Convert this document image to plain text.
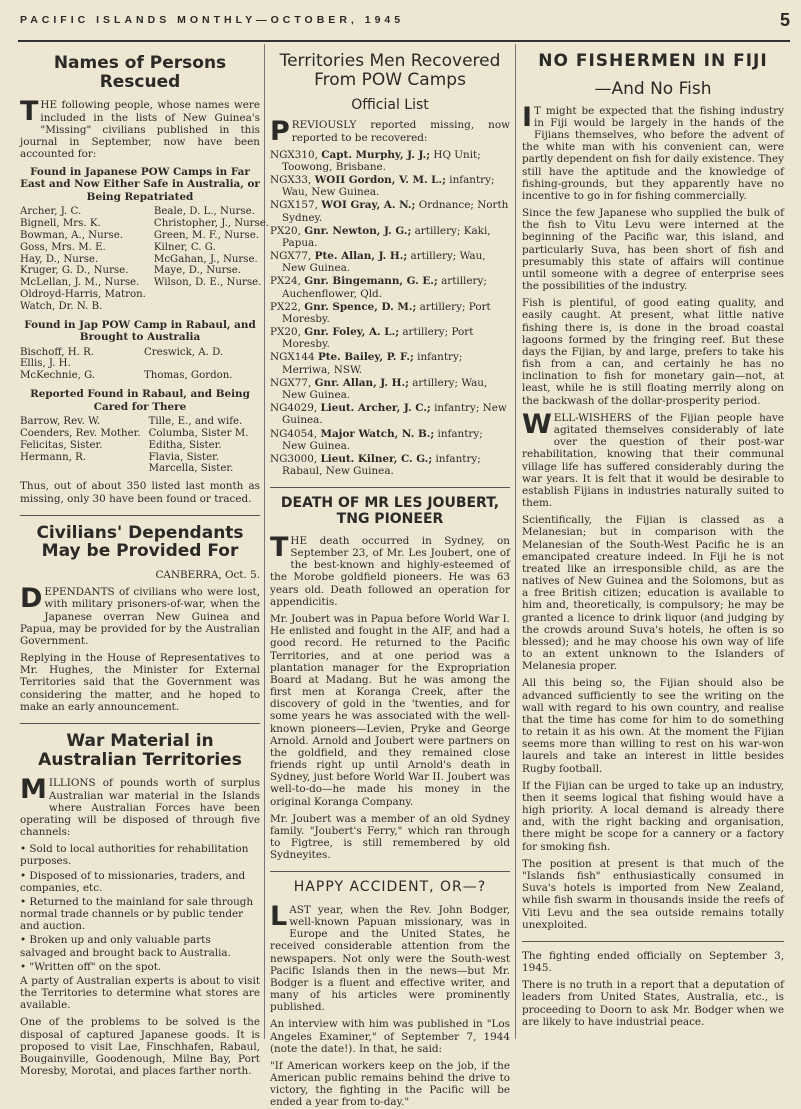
PACIFIC ISLANDS MONTHLY—OCTOBER, 1945	5
Names of Persons Rescued

THE following people, whose names were included in the lists of New Guinea's "Missing" civilians published in this journal in September, now have been accounted for:

Found in Japanese POW Camps in Far East and Now Either Safe in Australia, or Being Repatriated
Archer, J. C.	Beale, D. L., Nurse.
Bignell, Mrs. K.	Christopher, J., Nurse.
Bowman, A., Nurse.	Green, M. F., Nurse.
Goss, Mrs. M. E.	Kilner, C. G.
Hay, D., Nurse.	McGahan, J., Nurse.
Kruger, G. D., Nurse.	Maye, D., Nurse.
McLellan, J. M., Nurse.	Wilson, D. E., Nurse.
Oldroyd-Harris, Matron.
Watch, Dr. N. B.
Found in Jap POW Camp in Rabaul, and Brought to Australia
Bischoff, H. R.	Creswick, A. D.
Ellis, J. H.
McKechnie, G.	Thomas, Gordon.
Reported Found in Rabaul, and Being Cared for There
Barrow, Rev. W.	Tille, E., and wife.
Coenders, Rev. Mother. Columba, Sister M.
Felicitas, Sister.	Editha, Sister.
Hermann, R.	Flavia, Sister.
Marcella, Sister.

Thus, out of about 350 listed last month as missing, only 30 have been found or traced.

Civilians' Dependants May be Provided For

CANBERRA, Oct. 5.

DEPENDANTS of civilians who were lost, with military prisoners-of-war, when the Japanese overran New Guinea and Papua, may be provided for by the Australian Government.

Replying in the House of Representatives to Mr. Hughes, the Minister for External Territories said that the Government was considering the matter, and he hoped to make an early announcement.

War Material in Australian Territories

MILLIONS of pounds worth of surplus Australian war material in the Islands where Australian Forces have been operating will be disposed of through five channels:

• Sold to local authorities for rehabilitation purposes.
• Disposed of to missionaries, traders, and companies, etc.
• Returned to the mainland for sale through normal trade channels or by public tender and auction.
• Broken up and only valuable parts salvaged and brought back to Australia.
• "Written off" on the spot.

A party of Australian experts is about to visit the Territories to determine what stores are available.

One of the problems to be solved is the disposal of captured Japanese goods. It is proposed to visit Lae, Finschhafen, Rabaul, Bougainville, Goodenough, Milne Bay, Port Moresby, Morotai, and places farther north.

Territories Men Recovered From POW Camps
Official List

PREVIOUSLY reported missing, now reported to be recovered:

NGX310, Capt. Murphy, J. J.; HQ Unit; Toowong, Brisbane.
NGX33, WOII Gordon, V. M. L.; infantry; Wau, New Guinea.
NGX157, WOI Gray, A. N.; Ordnance; North Sydney.
PX20, Gnr. Newton, J. G.; artillery; Kaki, Papua.
NGX77, Pte. Allan, J. H.; artillery; Wau, New Guinea.
PX24, Gnr. Bingemann, G. E.; artillery; Auchenflower, Qld.
PX22, Gnr. Spence, D. M.; artillery; Port Moresby.
PX20, Gnr. Foley, A. L.; artillery; Port Moresby.
NGX144 Pte. Bailey, P. F.; infantry; Merriwa, NSW.
NGX77, Gnr. Allan, J. H.; artillery; Wau, New Guinea.
NG4029, Lieut. Archer, J. C.; infantry; New Guinea.
NG4054, Major Watch, N. B.; infantry; New Guinea.
NG3000, Lieut. Kilner, C. G.; infantry; Rabaul, New Guinea.
DEATH OF MR LES JOUBERT, TNG PIONEER

THE death occurred in Sydney, on September 23, of Mr. Les Joubert, one of the best-known and highly-esteemed of the Morobe goldfield pioneers. He was 63 years old. Death followed an operation for appendicitis.

Mr. Joubert was in Papua before World War I. He enlisted and fought in the AIF, and had a good record. He returned to the Pacific Territories, and at one period was a plantation manager for the Expropriation Board at Madang. But he was among the first men at Koranga Creek, after the discovery of gold in the 'twenties, and for some years he was associated with the well-known pioneers—Levien, Pryke and George Arnold. Arnold and Joubert were partners on the goldfield, and they remained close friends right up until Arnold's death in Sydney, just before World War II. Joubert was well-to-do—he made his money in the original Koranga Company.

Mr. Joubert was a member of an old Sydney family. "Joubert's Ferry," which ran through to Figtree, is still remembered by old Sydneyites.

HAPPY ACCIDENT, OR—?

LAST year, when the Rev. John Bodger, well-known Papuan missionary, was in Europe and the United States, he received considerable attention from the newspapers. Not only were the South-west Pacific Islands then in the news—but Mr. Bodger is a fluent and effective writer, and many of his articles were prominently published.

An interview with him was published in "Los Angeles Examiner," of September 7, 1944 (note the date!). In that, he said:

"If American workers keep on the job, if the American public remains behind the drive to victory, the fighting in the Pacific will be ended a year from to-day."

NO FISHERMEN IN FIJI
—And No Fish

IT might be expected that the fishing industry in Fiji would be largely in the hands of the Fijians themselves, who before the advent of the white man with his convenient can, were partly dependent on fish for daily existence. They still have the aptitude and the knowledge of fishing-grounds, but they apparently have no incentive to go in for fishing commercially.

Since the few Japanese who supplied the bulk of the fish to Vitu Levu were interned at the beginning of the Pacific war, this island, and particularly Suva, has been short of fish and presumably this state of affairs will continue until someone with a degree of enterprise sees the possibilities of the industry.

Fish is plentiful, of good eating quality, and easily caught. At present, what little native fishing there is, is done in the broad coastal lagoons formed by the fringing reef. But these days the Fijian, by and large, prefers to take his fish from a can, and certainly he has no inclination to fish for monetary gain—not, at least, while he is still floating merrily along on the backwash of the dollar-prosperity period.

WELL-WISHERS of the Fijian people have agitated themselves considerably of late over the question of their post-war rehabilitation, knowing that their communal village life has suffered considerably during the war years. It is felt that it would be desirable to establish Fijians in industries naturally suited to them.

Scientifically, the Fijian is classed as a Melanesian; but in comparison with the Melanesian of the South-West Pacific he is an emancipated creature indeed. In Fiji he is not treated like an irresponsible child, as are the natives of New Guinea and the Solomons, but as a free British citizen; education is available to him and, theoretically, is compulsory; he may be granted a licence to drink liquor (and judging by the crowds around Suva's hotels, he often is so blessed); and he may choose his own way of life to an extent unknown to the Islanders of Melanesia proper.

All this being so, the Fijian should also be advanced sufficiently to see the writing on the wall with regard to his own country, and realise that the time has come for him to do something to retain it as his own. At the moment the Fijian seems more than willing to rest on his war-won laurels and take an interest in little besides Rugby football.

If the Fijian can be urged to take up an industry, then it seems logical that fishing would have a high priority. A local demand is already there and, with the right backing and organisation, there might be scope for a cannery or a factory for smoking fish.

The position at present is that much of the "Islands fish" enthusiastically consumed in Suva's hotels is imported from New Zealand, while fish swarm in thousands inside the reefs of Viti Levu and the sea outside remains totally unexploited.

The fighting ended officially on September 3, 1945.

There is no truth in a report that a deputation of leaders from United States, Australia, etc., is proceeding to Doorn to ask Mr. Bodger when we are likely to have industrial peace.
